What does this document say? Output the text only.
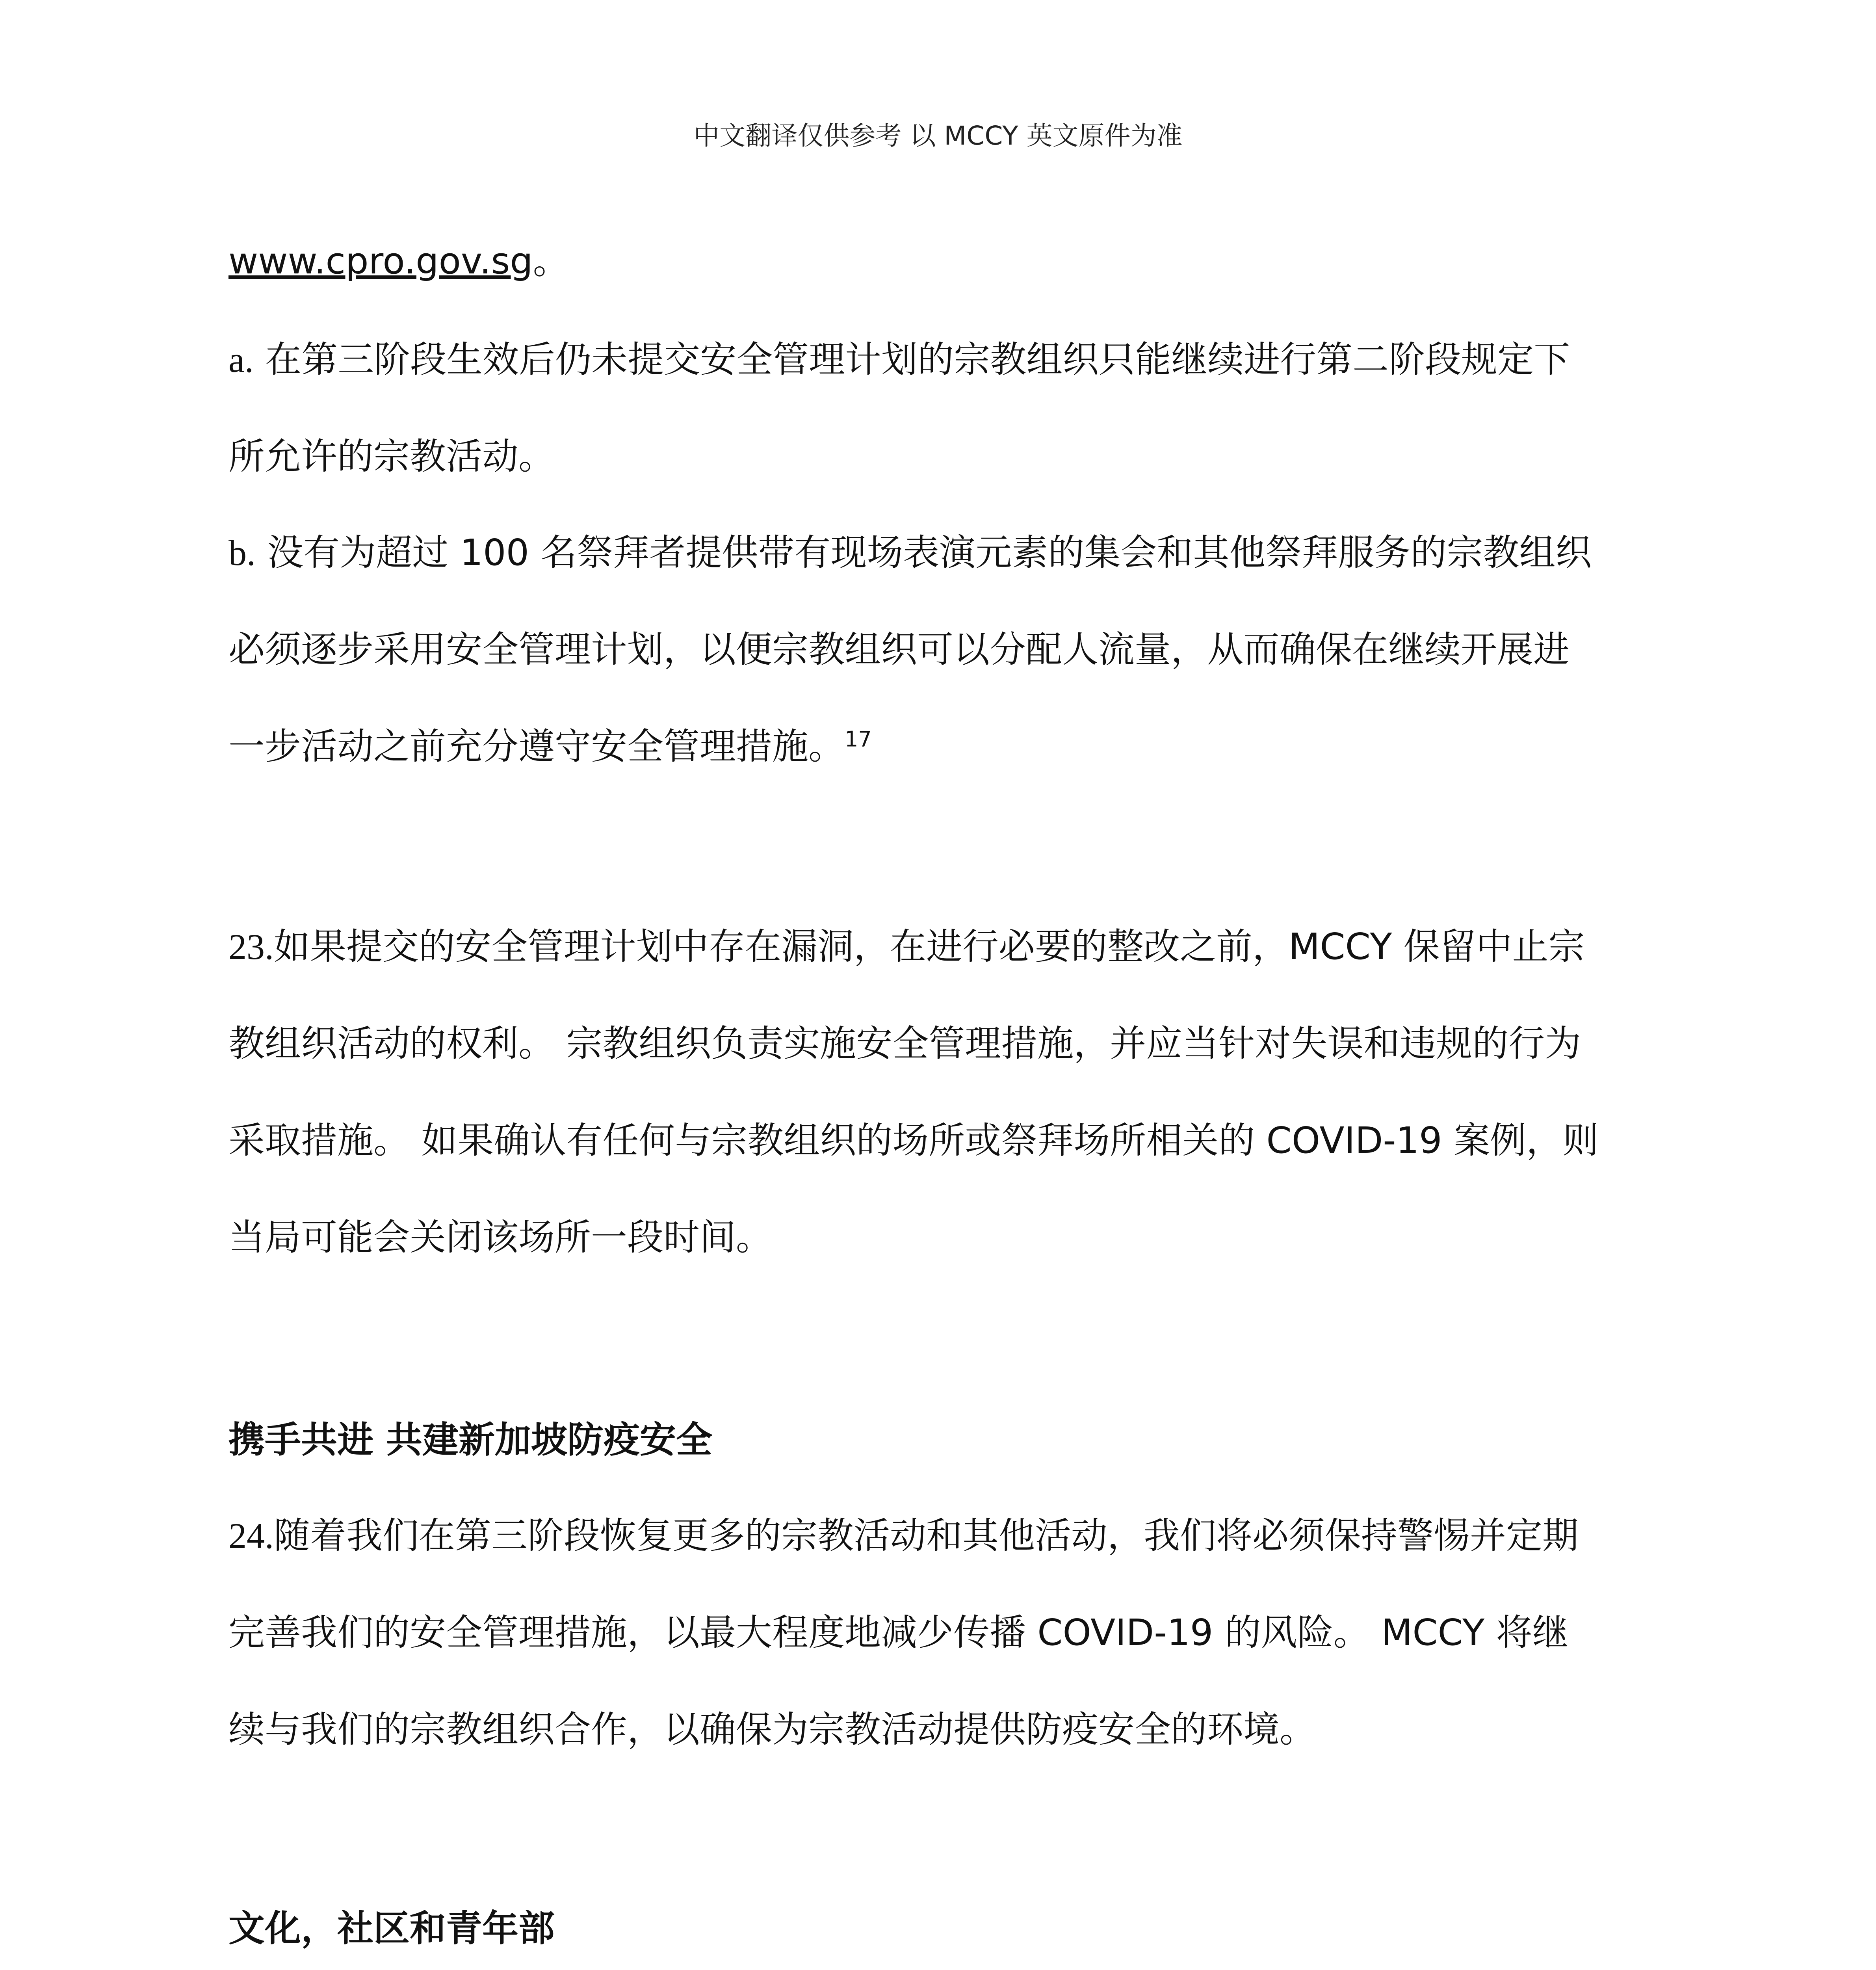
中文翻译仅供参考 以 MCCY 英文原件为准
www.cpro.gov.sg。
a. 在第三阶段生效后仍未提交安全管理计划的宗教组织只能继续进行第二阶段规定下
所允许的宗教活动。
b. 没有为超过 100 名祭拜者提供带有现场表演元素的集会和其他祭拜服务的宗教组织
必须逐步采用安全管理计划，以便宗教组织可以分配人流量，从而确保在继续开展进
一步活动之前充分遵守安全管理措施。$^{17}$
23.如果提交的安全管理计划中存在漏洞，在进行必要的整改之前，MCCY 保留中止宗
教组织活动的权利。 宗教组织负责实施安全管理措施，并应当针对失误和违规的行为
采取措施。 如果确认有任何与宗教组织的场所或祭拜场所相关的 COVID-19 案例，则
当局可能会关闭该场所一段时间。
携手共进 共建新加坡防疫安全
24.随着我们在第三阶段恢复更多的宗教活动和其他活动，我们将必须保持警惕并定期
完善我们的安全管理措施，以最大程度地减少传播 COVID-19 的风险。 MCCY 将继
续与我们的宗教组织合作，以确保为宗教活动提供防疫安全的环境。
文化，社区和青年部
